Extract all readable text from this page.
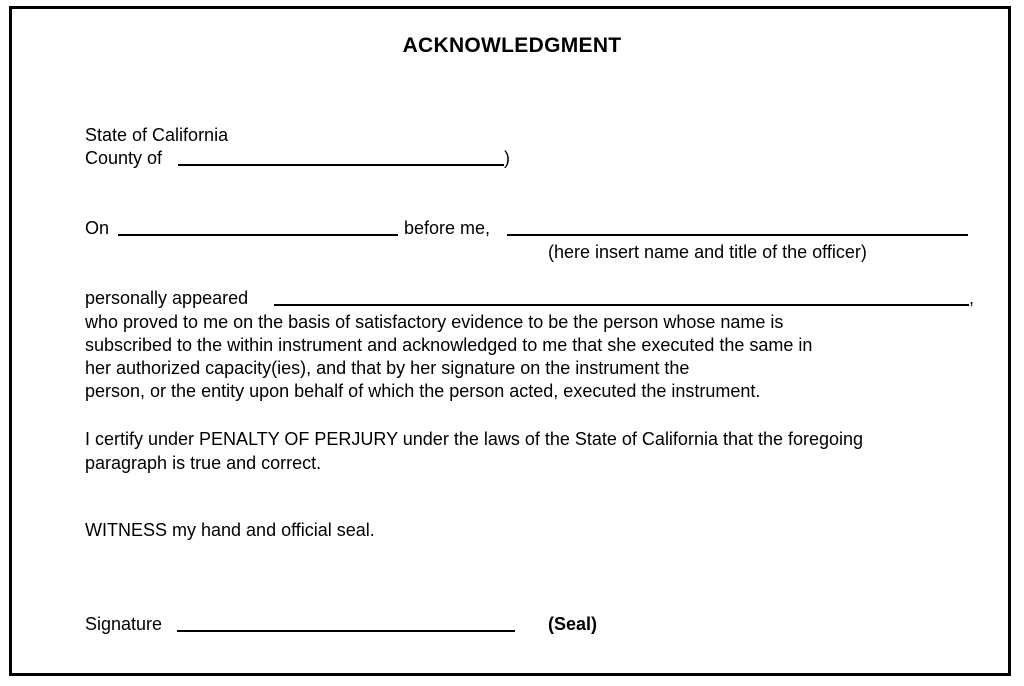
ACKNOWLEDGMENT
State of California
County of	)
On	before me,
(here insert name and title of the officer)
personally appeared	,
who proved to me on the basis of satisfactory evidence to be the person whose name is
subscribed to the within instrument and acknowledged to me that she executed the same in
her authorized capacity(ies), and that by her signature on the instrument the
person, or the entity upon behalf of which the person acted, executed the instrument.
I certify under PENALTY OF PERJURY under the laws of the State of California that the foregoing
paragraph is true and correct.
WITNESS my hand and official seal.
Signature	(Seal)
